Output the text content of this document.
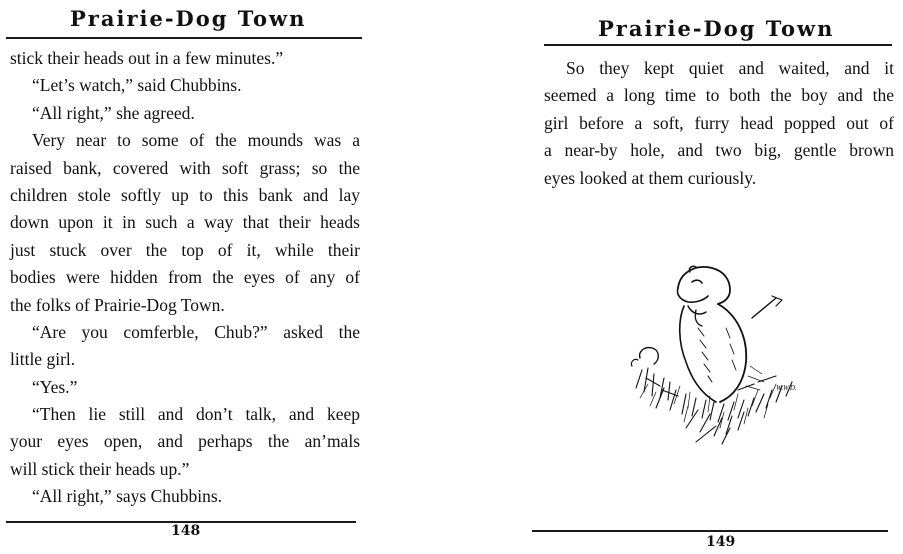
Prairie-Dog Town
stick their heads out in a few minutes.”
“Let’s watch,” said Chubbins.
“All right,” she agreed.
Very near to some of the mounds was a
raised bank, covered with soft grass; so the
children stole softly up to this bank and lay
down upon it in such a way that their heads
just stuck over the top of it, while their
bodies were hidden from the eyes of any of
the folks of Prairie-Dog Town.
“Are you comferble, Chub?” asked the
little girl.
“Yes.”
“Then lie still and don’t talk, and keep
your eyes open, and perhaps the an’mals
will stick their heads up.”
“All right,” says Chubbins.
148
Prairie-Dog Town
So they kept quiet and waited, and it
seemed a long time to both the boy and the
girl before a soft, furry head popped out of
a near-by hole, and two big, gentle brown
eyes looked at them curiously.
W.W.D.
149
